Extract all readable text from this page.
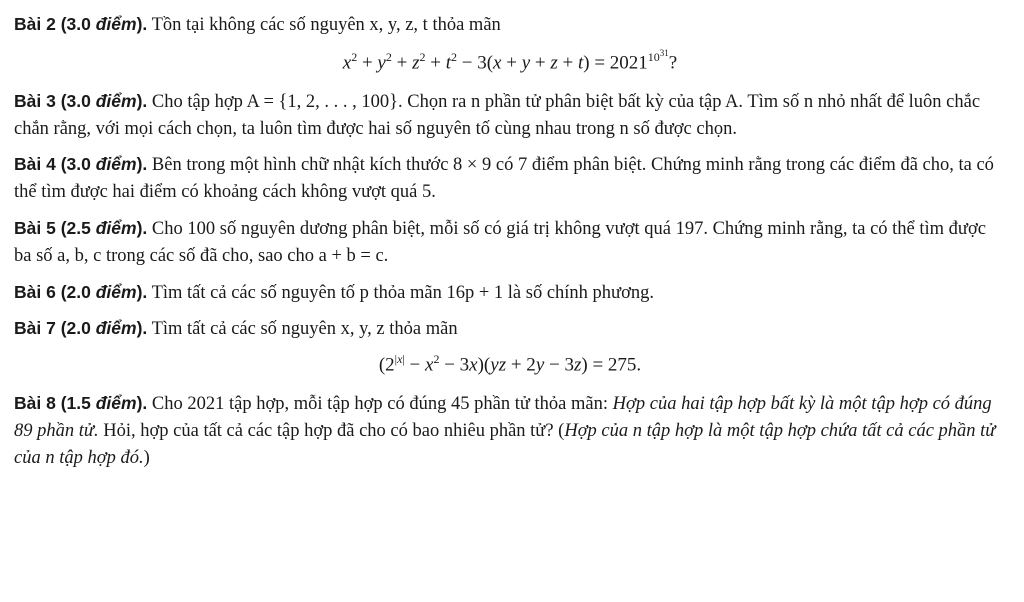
Bài 2 (3.0 điểm). Tồn tại không các số nguyên x, y, z, t thỏa mãn

$x^2 + y^2 + z^2 + t^2 - 3(x + y + z + t) = 2021^{10^{31}}$?

Bài 3 (3.0 điểm). Cho tập hợp A = {1, 2, . . . , 100}. Chọn ra n phần tử phân biệt bất kỳ của tập A. Tìm số n nhỏ nhất để luôn chắc chắn rằng, với mọi cách chọn, ta luôn tìm được hai số nguyên tố cùng nhau trong n số được chọn.

Bài 4 (3.0 điểm). Bên trong một hình chữ nhật kích thước 8 × 9 có 7 điểm phân biệt. Chứng minh rằng trong các điểm đã cho, ta có thể tìm được hai điểm có khoảng cách không vượt quá 5.

Bài 5 (2.5 điểm). Cho 100 số nguyên dương phân biệt, mỗi số có giá trị không vượt quá 197. Chứng minh rằng, ta có thể tìm được ba số a, b, c trong các số đã cho, sao cho a + b = c.

Bài 6 (2.0 điểm). Tìm tất cả các số nguyên tố p thỏa mãn 16p + 1 là số chính phương.

Bài 7 (2.0 điểm). Tìm tất cả các số nguyên x, y, z thỏa mãn

$(2^{|x|} - x^2 - 3x)(yz + 2y - 3z) = 275$.

Bài 8 (1.5 điểm). Cho 2021 tập hợp, mỗi tập hợp có đúng 45 phần tử thỏa mãn: Hợp của hai tập hợp bất kỳ là một tập hợp có đúng 89 phần tử. Hỏi, hợp của tất cả các tập hợp đã cho có bao nhiêu phần tử? (Hợp của n tập hợp là một tập hợp chứa tất cả các phần tử của n tập hợp đó.)
